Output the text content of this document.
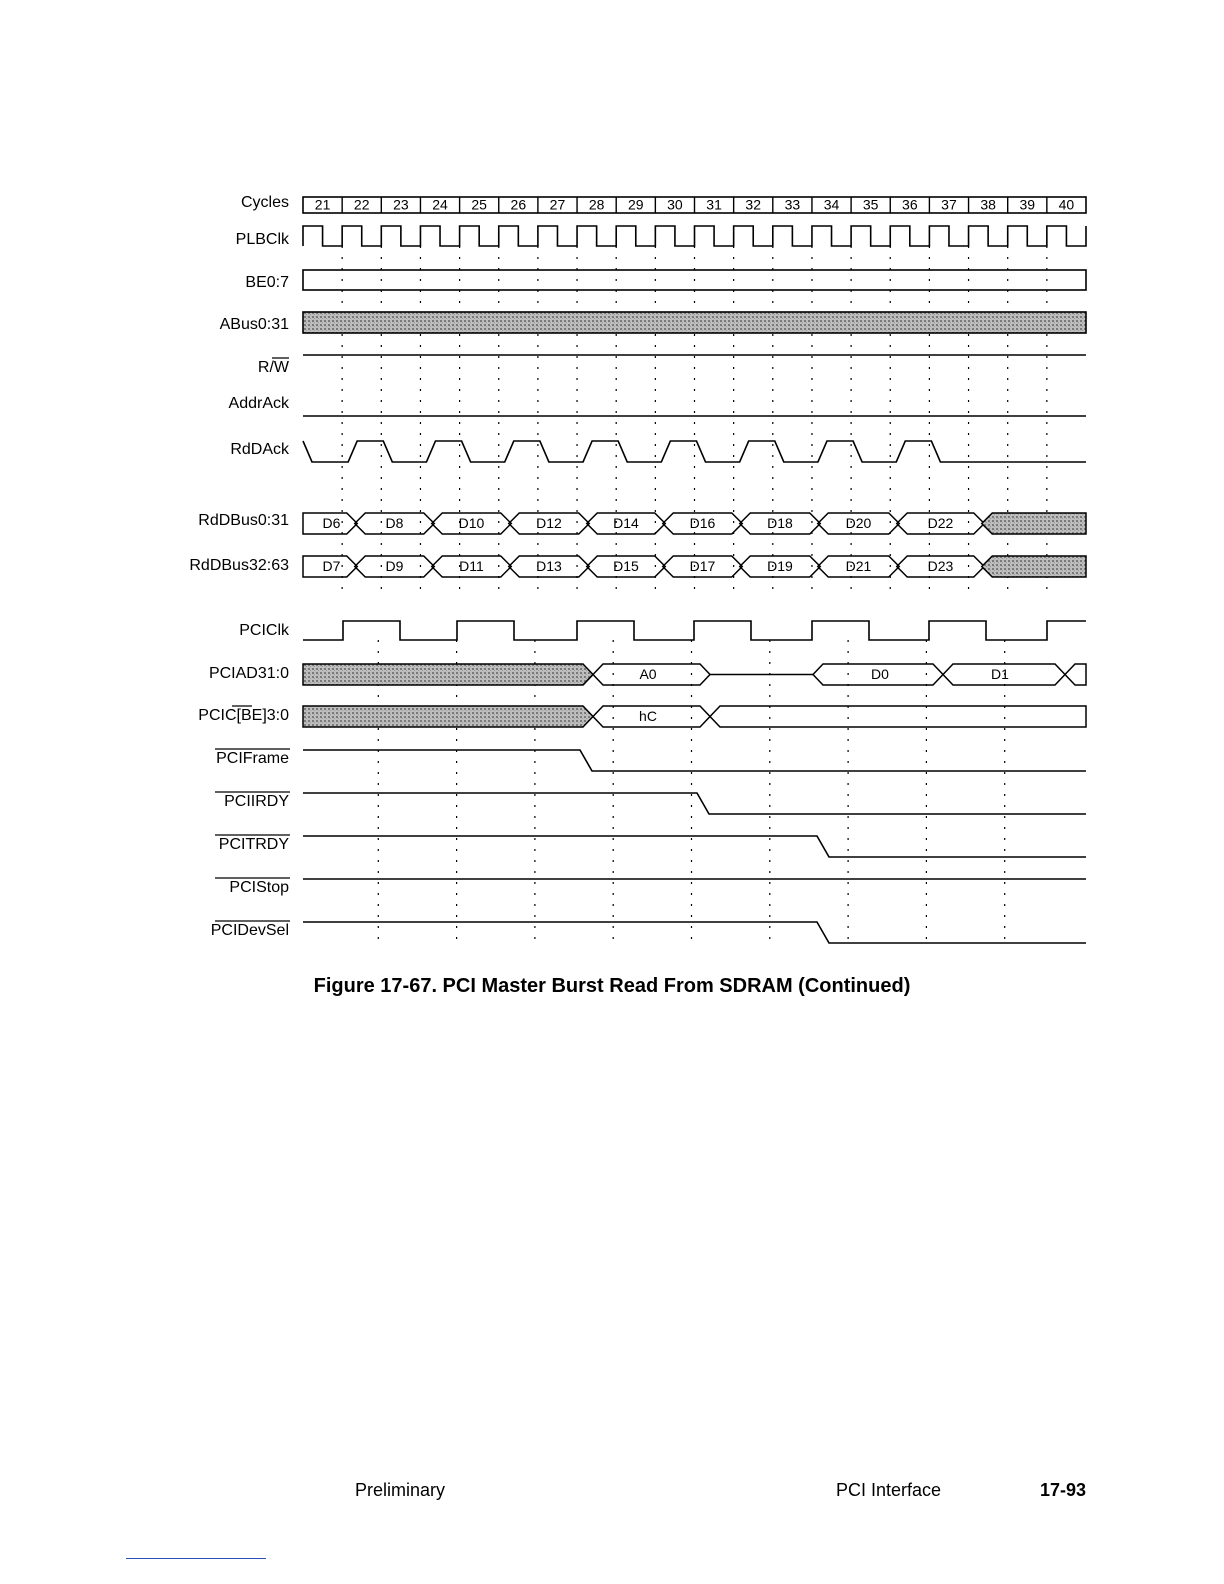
Cycles
PLBClk
BE0:7
ABus0:31
R/W
AddrAck
RdDAck
RdDBus0:31
RdDBus32:63
PCIClk
PCIAD31:0
PCIC[BE]3:0
PCIFrame
PCIIRDY
PCITRDY
PCIStop
PCIDevSel
21 22 23 24 25 26 27 28 29 30 31 32 33 34 35 36 37 38 39 40
D6	D8	D10	D12	D14	D16	D18	D20	D22
D7	D9	D11	D13	D15	D17	D19	D21	D23
A0	D0	D1
hC
Figure 17-67. PCI Master Burst Read From SDRAM (Continued)
Preliminary	PCI Interface	17-93
